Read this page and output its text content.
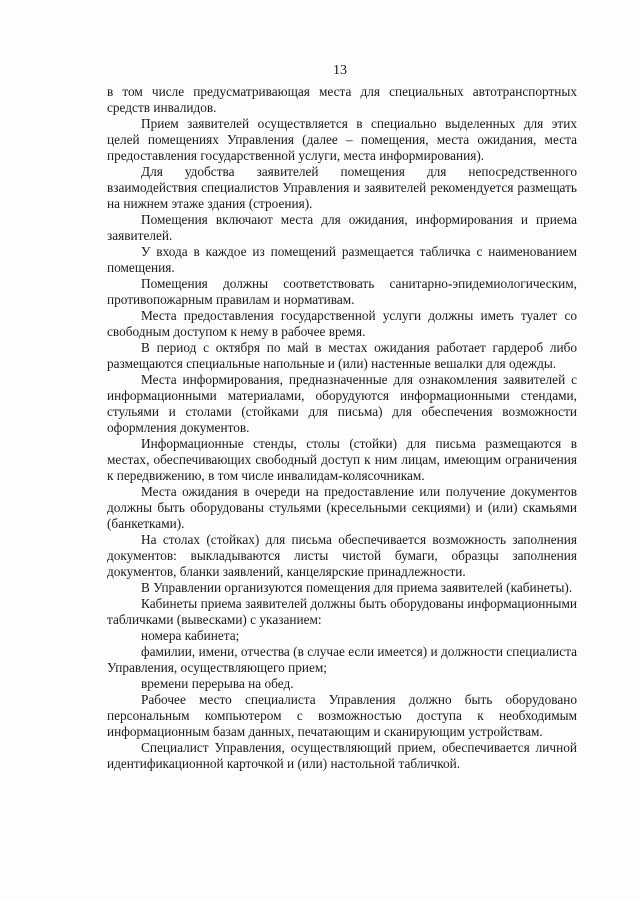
13

в том числе предусматривающая места для специальных автотранспортных средств инвалидов.

Прием заявителей осуществляется в специально выделенных для этих целей помещениях Управления (далее – помещения, места ожидания, места предоставления государственной услуги, места информирования).

Для удобства заявителей помещения для непосредственного взаимодействия специалистов Управления и заявителей рекомендуется размещать на нижнем этаже здания (строения).

Помещения включают места для ожидания, информирования и приема заявителей.

У входа в каждое из помещений размещается табличка с наименованием помещения.

Помещения должны соответствовать санитарно-эпидемиологическим, противопожарным правилам и нормативам.

Места предоставления государственной услуги должны иметь туалет со свободным доступом к нему в рабочее время.

В период с октября по май в местах ожидания работает гардероб либо размещаются специальные напольные и (или) настенные вешалки для одежды.

Места информирования, предназначенные для ознакомления заявителей с информационными материалами, оборудуются информационными стендами, стульями и столами (стойками для письма) для обеспечения возможности оформления документов.

Информационные стенды, столы (стойки) для письма размещаются в местах, обеспечивающих свободный доступ к ним лицам, имеющим ограничения к передвижению, в том числе инвалидам-колясочникам.

Места ожидания в очереди на предоставление или получение документов должны быть оборудованы стульями (кресельными секциями) и (или) скамьями (банкетками).

На столах (стойках) для письма обеспечивается возможность заполнения документов: выкладываются листы чистой бумаги, образцы заполнения документов, бланки заявлений, канцелярские принадлежности.

В Управлении организуются помещения для приема заявителей (кабинеты).

Кабинеты приема заявителей должны быть оборудованы информационными табличками (вывесками) с указанием:

номера кабинета;

фамилии, имени, отчества (в случае если имеется) и должности специалиста Управления, осуществляющего прием;

времени перерыва на обед.

Рабочее место специалиста Управления должно быть оборудовано персональным компьютером с возможностью доступа к необходимым информационным базам данных, печатающим и сканирующим устройствам.

Специалист Управления, осуществляющий прием, обеспечивается личной идентификационной карточкой и (или) настольной табличкой.
